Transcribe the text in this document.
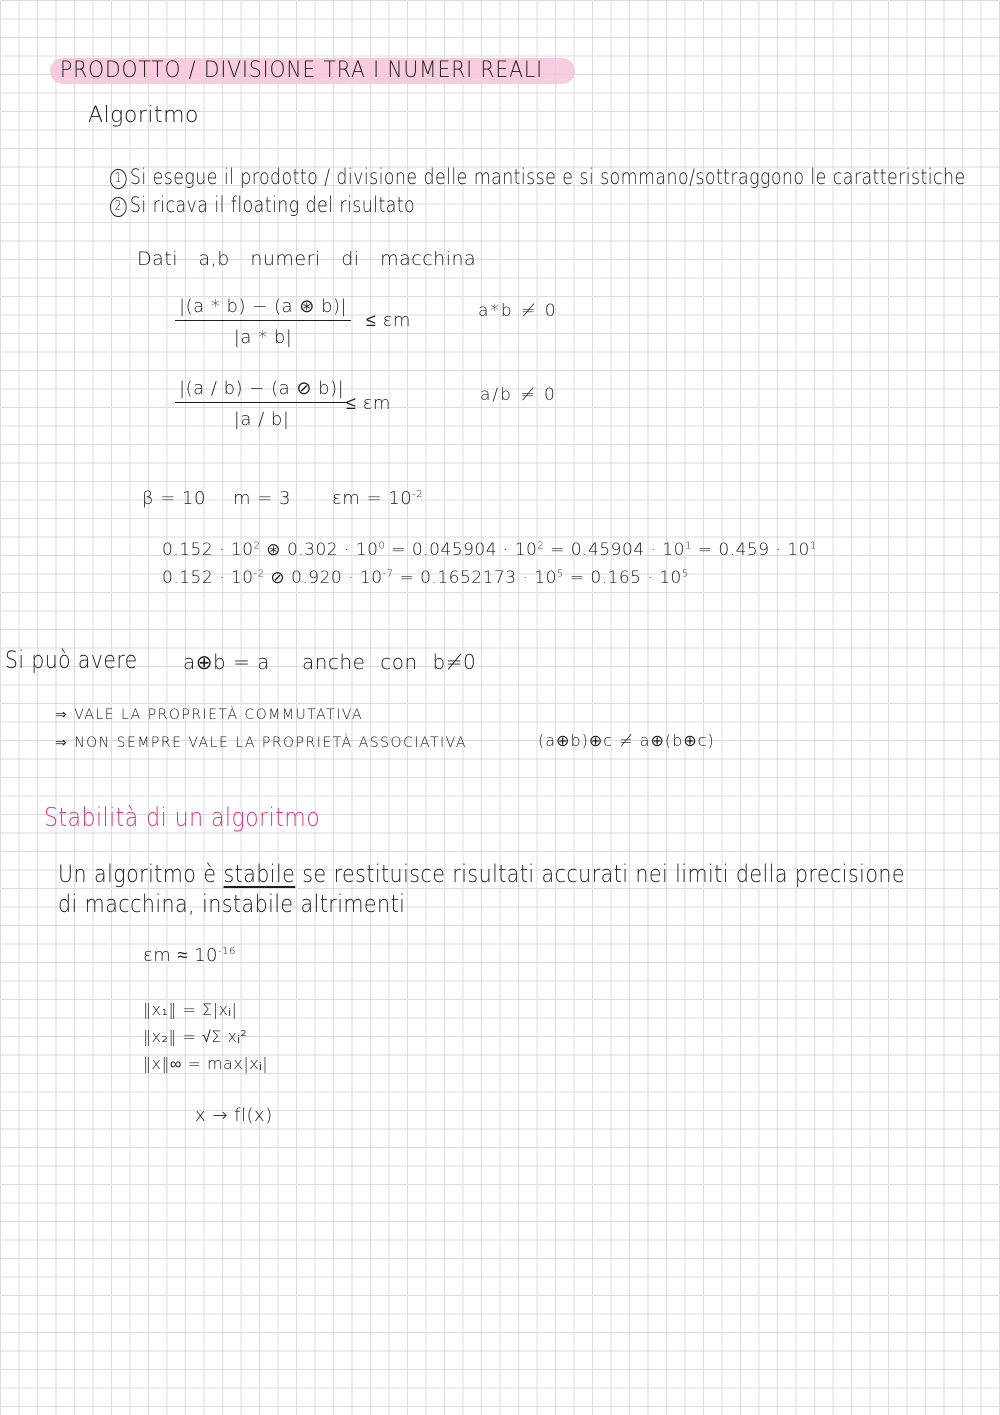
PRODOTTO / DIVISIONE TRA I NUMERI REALI
Algoritmo
1 Si esegue il prodotto / divisione delle mantisse e si sommano/sottraggono le caratteristiche
2 Si ricava il floating del risultato
Dati a,b numeri di macchina
$\frac{|(a * b) - (a ⊛ b)|}{|a * b|} \le \varepsilon m$	a*b ≠ 0
$\frac{|(a / b) - (a ⊘ b)|}{|a / b|}$
≤ εm	a/b ≠ 0
β = 10 m = 3 $\varepsilon m = 10^{-2}$
$0.152 \cdot 10^2$ ⊛ $0.302 \cdot 10^0 = 0.045904 \cdot 10^2 = 0.45904 \cdot 10^1 = 0.459 \cdot 10^1$
$0.152 \cdot 10^{-2}$ ⊘ $0.920 \cdot 10^{-7} = 0.1652173 \cdot 10^5 = 0.165 \cdot 10^5$
Si può avere a⊕b = a anche con b≠0
⇒ VALE LA PROPRIETÀ COMMUTATIVA
⇒ NON SEMPRE VALE LA PROPRIETÀ ASSOCIATIVA	(a⊕b)⊕c ≠ a⊕(b⊕c)
Stabilità di un algoritmo
Un algoritmo è stabile se restituisce risultati accurati nei limiti della precisione
di macchina, instabile altrimenti
$\varepsilon m \approx 10^{-16}$
‖x₁‖ = Σ|xᵢ|
‖x₂‖ = √Σ xᵢ²
‖x‖∞ = max|xᵢ|
x → fl(x)
